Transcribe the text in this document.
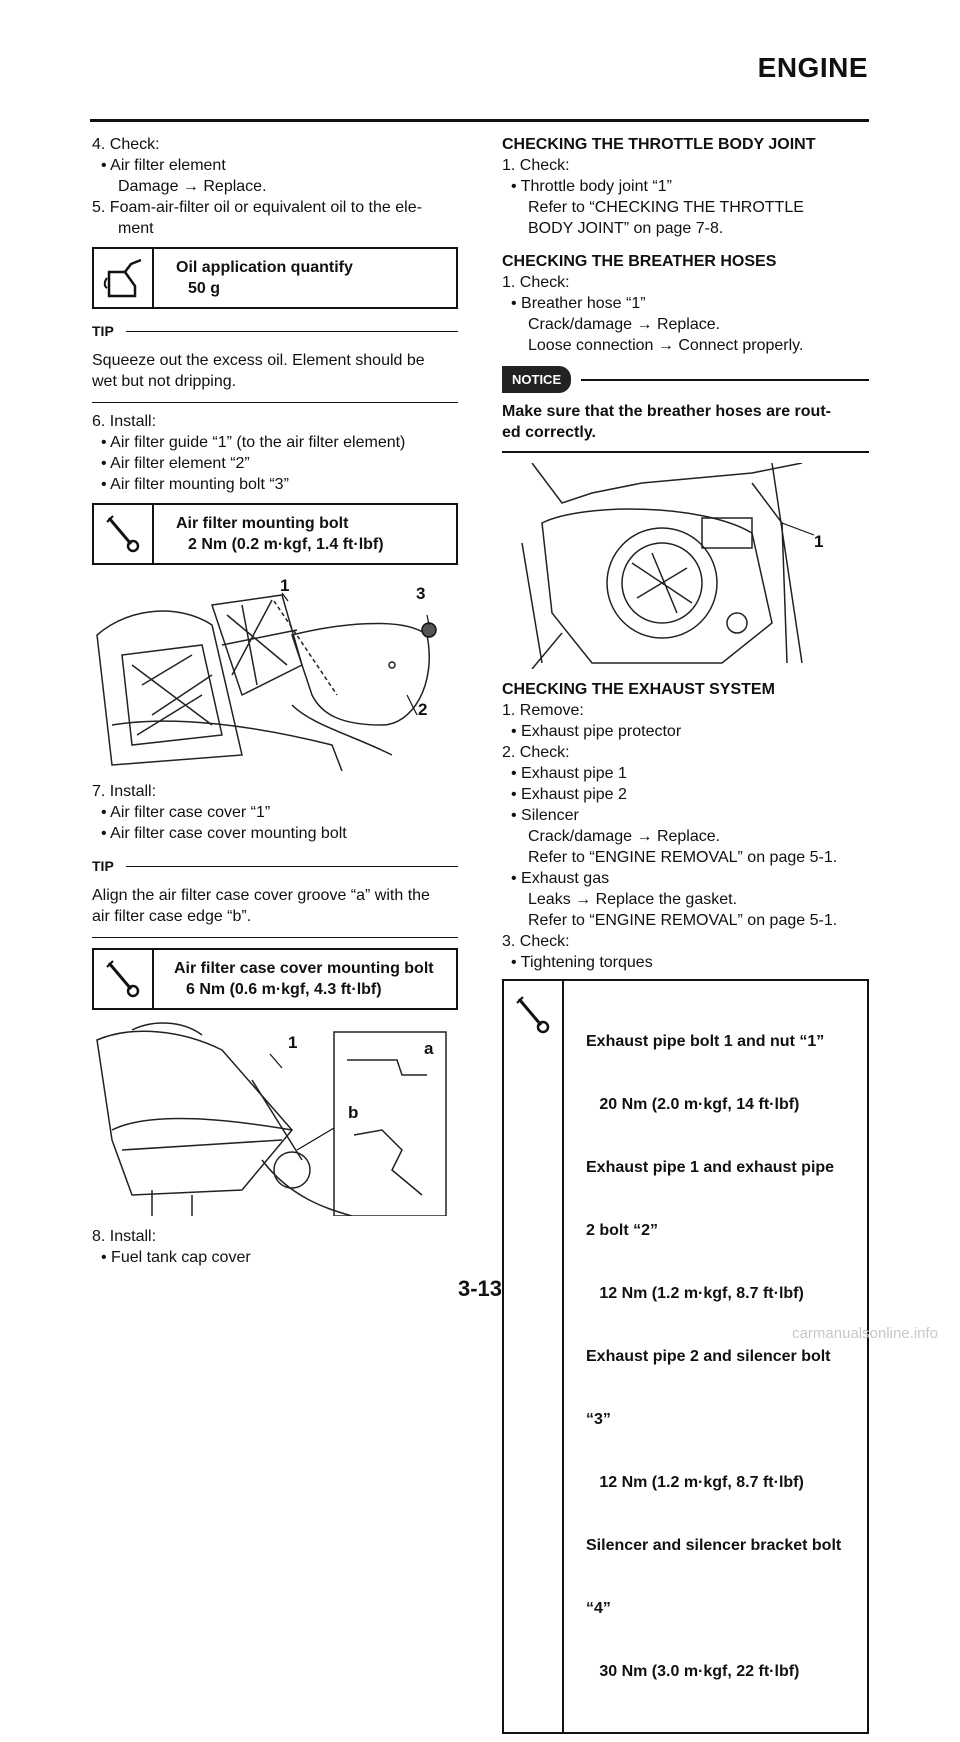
ENGINE
4. Check:
• Air filter element
Damage → Replace.
5. Foam-air-filter oil or equivalent oil to the ele-
ment
Oil application quantify
50 g
TIP
Squeeze out the excess oil. Element should be
wet but not dripping.
6. Install:
• Air filter guide “1” (to the air filter element)
• Air filter element “2”
• Air filter mounting bolt “3”
Air filter mounting bolt
2 Nm (0.2 m·kgf, 1.4 ft·lbf)
1	3
2
7. Install:
• Air filter case cover “1”
• Air filter case cover mounting bolt
TIP
Align the air filter case cover groove “a” with the
air filter case edge “b”.
Air filter case cover mounting bolt
6 Nm (0.6 m·kgf, 4.3 ft·lbf)
1	a
b
8. Install:
• Fuel tank cap cover
CHECKING THE THROTTLE BODY JOINT
1. Check:
• Throttle body joint “1”
Refer to “CHECKING THE THROTTLE
BODY JOINT” on page 7-8.
CHECKING THE BREATHER HOSES
1. Check:
• Breather hose “1”
Crack/damage → Replace.
Loose connection → Connect properly.
NOTICE
Make sure that the breather hoses are rout-
ed correctly.
1
CHECKING THE EXHAUST SYSTEM
1. Remove:
• Exhaust pipe protector
2. Check:
• Exhaust pipe 1
• Exhaust pipe 2
• Silencer
Crack/damage → Replace.
Refer to “ENGINE REMOVAL” on page 5-1.
• Exhaust gas
Leaks → Replace the gasket.
Refer to “ENGINE REMOVAL” on page 5-1.
3. Check:
• Tightening torques

Exhaust pipe bolt 1 and nut “1”

20 Nm (2.0 m·kgf, 14 ft·lbf)

Exhaust pipe 1 and exhaust pipe

2 bolt “2”

12 Nm (1.2 m·kgf, 8.7 ft·lbf)

Exhaust pipe 2 and silencer bolt

“3”

12 Nm (1.2 m·kgf, 8.7 ft·lbf)

Silencer and silencer bracket bolt

“4”

30 Nm (3.0 m·kgf, 22 ft·lbf)

3-13
carmanualsonline.info
